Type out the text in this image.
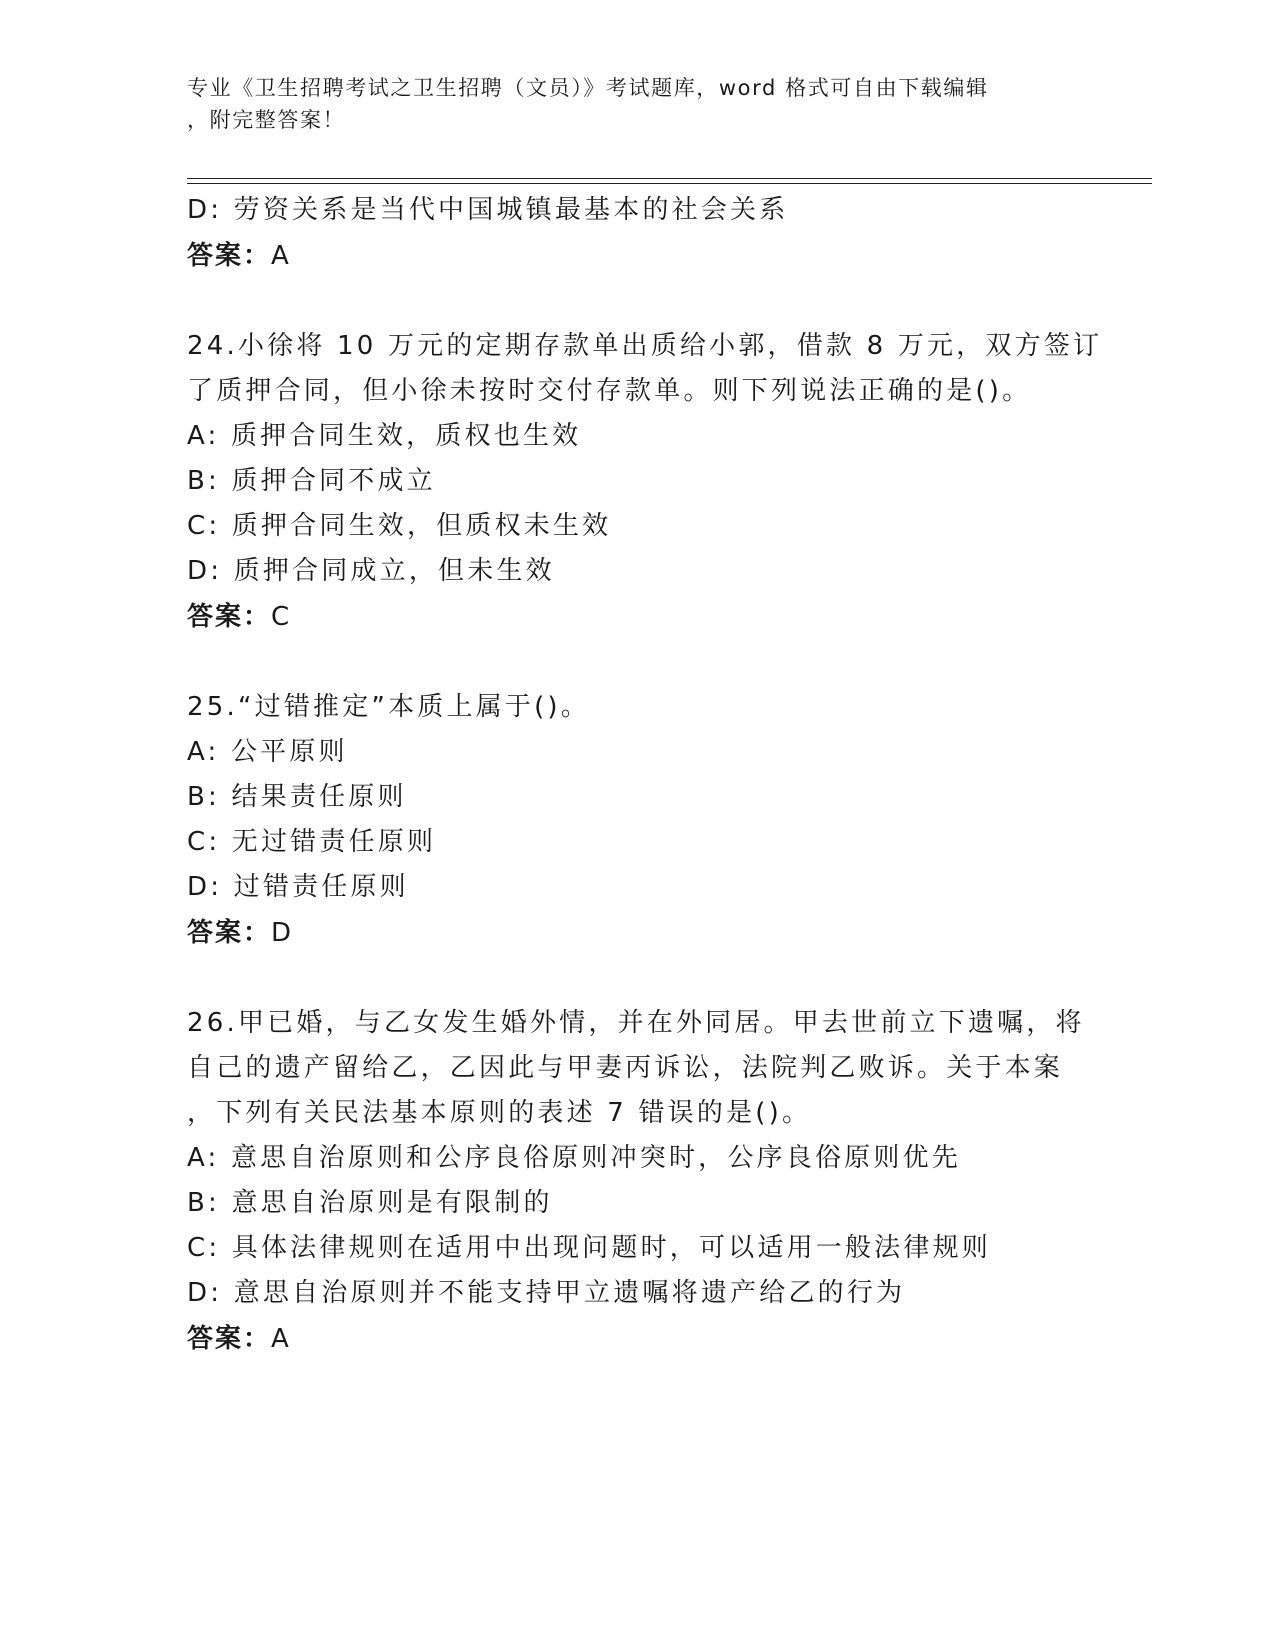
专业《卫生招聘考试之卫生招聘（文员）》考试题库，word 格式可自由下载编辑
，附完整答案！
D: 劳资关系是当代中国城镇最基本的社会关系
答案：A
24.小徐将 10 万元的定期存款单出质给小郭，借款 8 万元，双方签订
了质押合同，但小徐未按时交付存款单。则下列说法正确的是()。
A: 质押合同生效，质权也生效
B: 质押合同不成立
C: 质押合同生效，但质权未生效
D: 质押合同成立，但未生效
答案：C
25.“过错推定”本质上属于()。
A: 公平原则
B: 结果责任原则
C: 无过错责任原则
D: 过错责任原则
答案：D
26.甲已婚，与乙女发生婚外情，并在外同居。甲去世前立下遗嘱，将
自己的遗产留给乙，乙因此与甲妻丙诉讼，法院判乙败诉。关于本案
，下列有关民法基本原则的表述 7 错误的是()。
A: 意思自治原则和公序良俗原则冲突时，公序良俗原则优先
B: 意思自治原则是有限制的
C: 具体法律规则在适用中出现问题时，可以适用一般法律规则
D: 意思自治原则并不能支持甲立遗嘱将遗产给乙的行为
答案：A
